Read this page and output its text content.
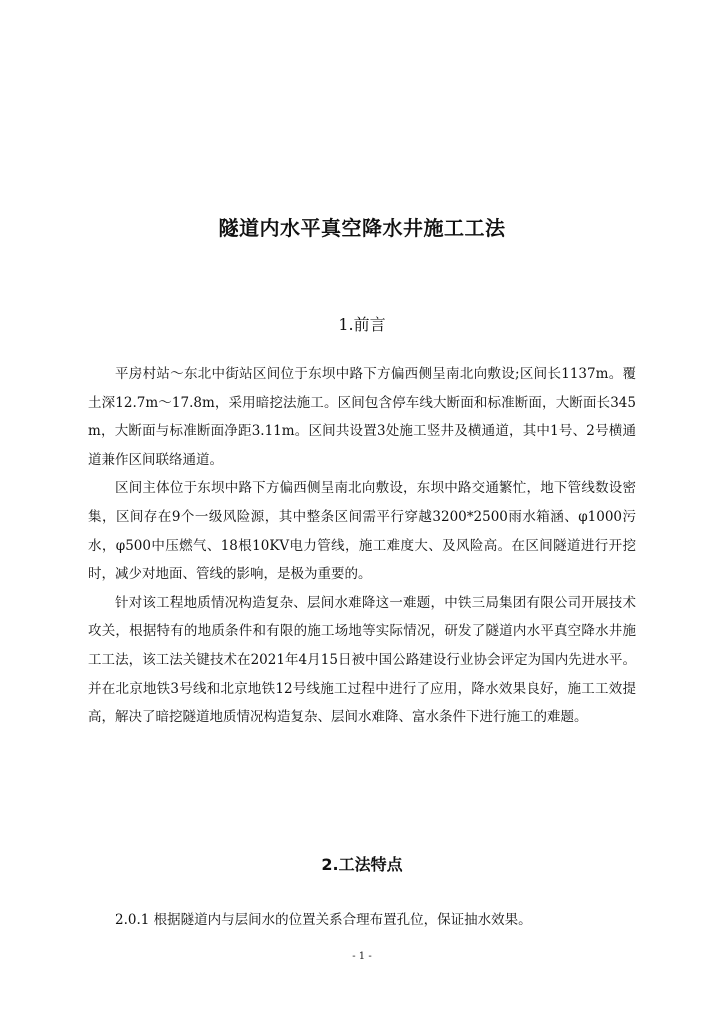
隧道内水平真空降水井施工工法
1.前言

平房村站～东北中街站区间位于东坝中路下方偏西侧呈南北向敷设;区间长1137m。覆土深12.7m～17.8m，采用暗挖法施工。区间包含停车线大断面和标准断面，大断面长345m，大断面与标准断面净距3.11m。区间共设置3处施工竖井及横通道，其中1号、2号横通道兼作区间联络通道。

区间主体位于东坝中路下方偏西侧呈南北向敷设，东坝中路交通繁忙，地下管线数设密集，区间存在9个一级风险源，其中整条区间需平行穿越3200*2500雨水箱涵、φ1000污水，φ500中压燃气、18根10KV电力管线，施工难度大、及风险高。在区间隧道进行开挖时，减少对地面、管线的影响，是极为重要的。

针对该工程地质情况构造复杂、层间水难降这一难题，中铁三局集团有限公司开展技术攻关，根据特有的地质条件和有限的施工场地等实际情况，研发了隧道内水平真空降水井施工工法，该工法关键技术在2021年4月15日被中国公路建设行业协会评定为国内先进水平。并在北京地铁3号线和北京地铁12号线施工过程中进行了应用，降水效果良好，施工工效提高，解决了暗挖隧道地质情况构造复杂、层间水难降、富水条件下进行施工的难题。

2.工法特点

2.0.1 根据隧道内与层间水的位置关系合理布置孔位，保证抽水效果。

- 1 -
